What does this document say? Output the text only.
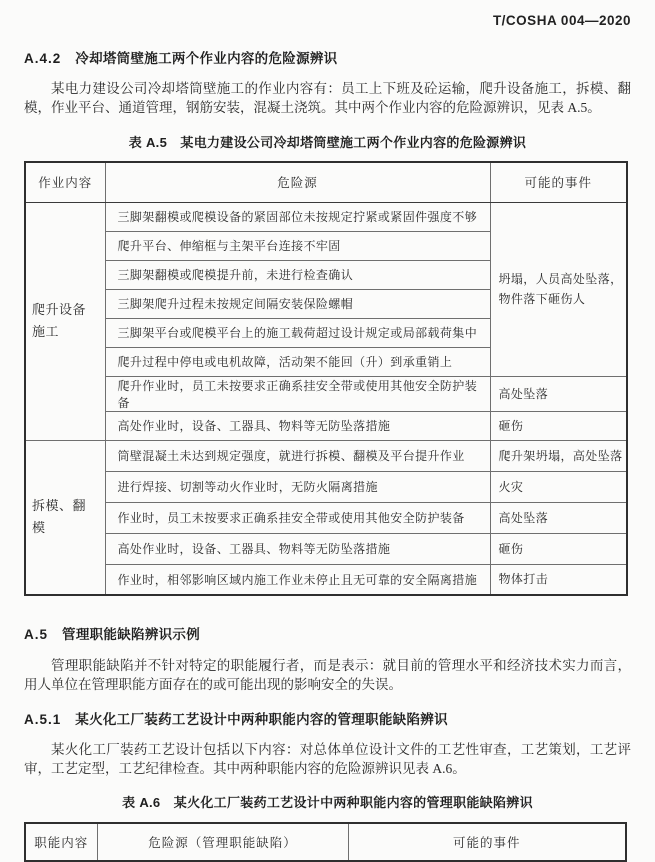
T/COSHA 004—2020
A.4.2 冷却塔筒壁施工两个作业内容的危险源辨识

某电力建设公司冷却塔筒壁施工的作业内容有：员工上下班及砼运输，爬升设备施工，拆模、翻模，作业平台、通道管理，钢筋安装，混凝土浇筑。其中两个作业内容的危险源辨识，见表 A.5。

表 A.5　某电力建设公司冷却塔筒壁施工两个作业内容的危险源辨识
作业内容	危险源	可能的事件
爬升设备施工	三脚架翻模或爬模设备的紧固部位未按规定拧紧或紧固件强度不够	坍塌，人员高处坠落，物件落下砸伤人
	爬升平台、伸缩框与主架平台连接不牢固	
	三脚架翻模或爬模提升前，未进行检查确认	
	三脚架爬升过程未按规定间隔安装保险螺帽	
	三脚架平台或爬模平台上的施工载荷超过设计规定或局部载荷集中	
	爬升过程中停电或电机故障，活动架不能回（升）到承重销上	
	爬升作业时，员工未按要求正确系挂安全带或使用其他安全防护装备	高处坠落
	高处作业时，设备、工器具、物料等无防坠落措施	砸伤
拆模、翻模	筒壁混凝土未达到规定强度，就进行拆模、翻模及平台提升作业	爬升架坍塌，高处坠落
	进行焊接、切割等动火作业时，无防火隔离措施	火灾
	作业时，员工未按要求正确系挂安全带或使用其他安全防护装备	高处坠落
	高处作业时，设备、工器具、物料等无防坠落措施	砸伤
	作业时，相邻影响区域内施工作业未停止且无可靠的安全隔离措施	物体打击
A.5 管理职能缺陷辨识示例

管理职能缺陷并不针对特定的职能履行者，而是表示：就目前的管理水平和经济技术实力而言，用人单位在管理职能方面存在的或可能出现的影响安全的失误。

A.5.1 某火化工厂装药工艺设计中两种职能内容的管理职能缺陷辨识

某火化工厂装药工艺设计包括以下内容：对总体单位设计文件的工艺性审查，工艺策划，工艺评审，工艺定型，工艺纪律检查。其中两种职能内容的危险源辨识见表 A.6。

表 A.6　某火化工厂装药工艺设计中两种职能内容的管理职能缺陷辨识
职能内容	危险源（管理职能缺陷）	可能的事件
